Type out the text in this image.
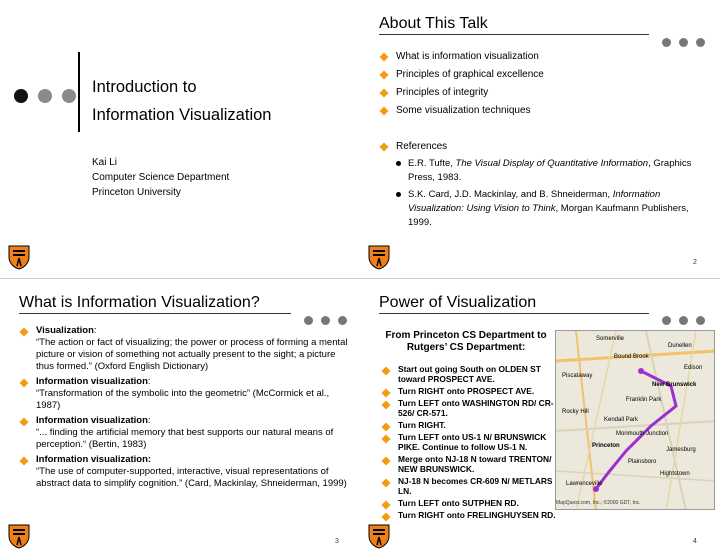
Introduction to
Information Visualization
Kai Li
Computer Science Department
Princeton University
About This Talk
What is information visualization
Principles of graphical excellence
Principles of integrity
Some visualization techniques
References
E.R. Tufte, The Visual Display of Quantitative Information, Graphics Press, 1983.
S.K. Card, J.D. Mackinlay, and B. Shneiderman, Information Visualization: Using Vision to Think, Morgan Kaufmann Publishers, 1999.
2
What is Information Visualization?
Visualization:
“The action or fact of visualizing; the power or process of forming a mental picture or vision of something not actually present to the sight; a picture thus formed.” (Oxford English Dictionary)
Information visualization:
“Transformation of the symbolic into the geometric” (McCormick et al., 1987)
Information visualization:
“... finding the artificial memory that best supports our natural means of perception.“ (Bertin, 1983)
Information visualization:
“The use of computer-supported, interactive, visual representations of abstract data to simplify cognition.” (Card, Mackinlay, Shneiderman, 1999)
3
Power of Visualization
From Princeton CS Department to Rutgers’ CS Department:
Start out going South on OLDEN ST toward PROSPECT AVE.
Turn RIGHT onto PROSPECT AVE.
Turn LEFT onto WASHINGTON RD/ CR-526/ CR-571.
Turn RIGHT.
Turn LEFT onto US-1 N/ BRUNSWICK PIKE. Continue to follow US-1 N.
Merge onto NJ-18 N toward TRENTON/ NEW BRUNSWICK.
NJ-18 N becomes CR-609 N/ METLARS LN.
Turn LEFT onto SUTPHEN RD.
Turn RIGHT onto FRELINGHUYSEN RD.
Somerville
Dunellen
Bound Brook
Edison
Piscataway
New Brunswick
Franklin Park
Rocky Hill
Kendall Park
Monmouth Junction
Princeton
Jamesburg
Plainsboro
Hightstown
Lawrenceville
MapQuest.com, Inc.; ©2000 GDT, Inc.
4
